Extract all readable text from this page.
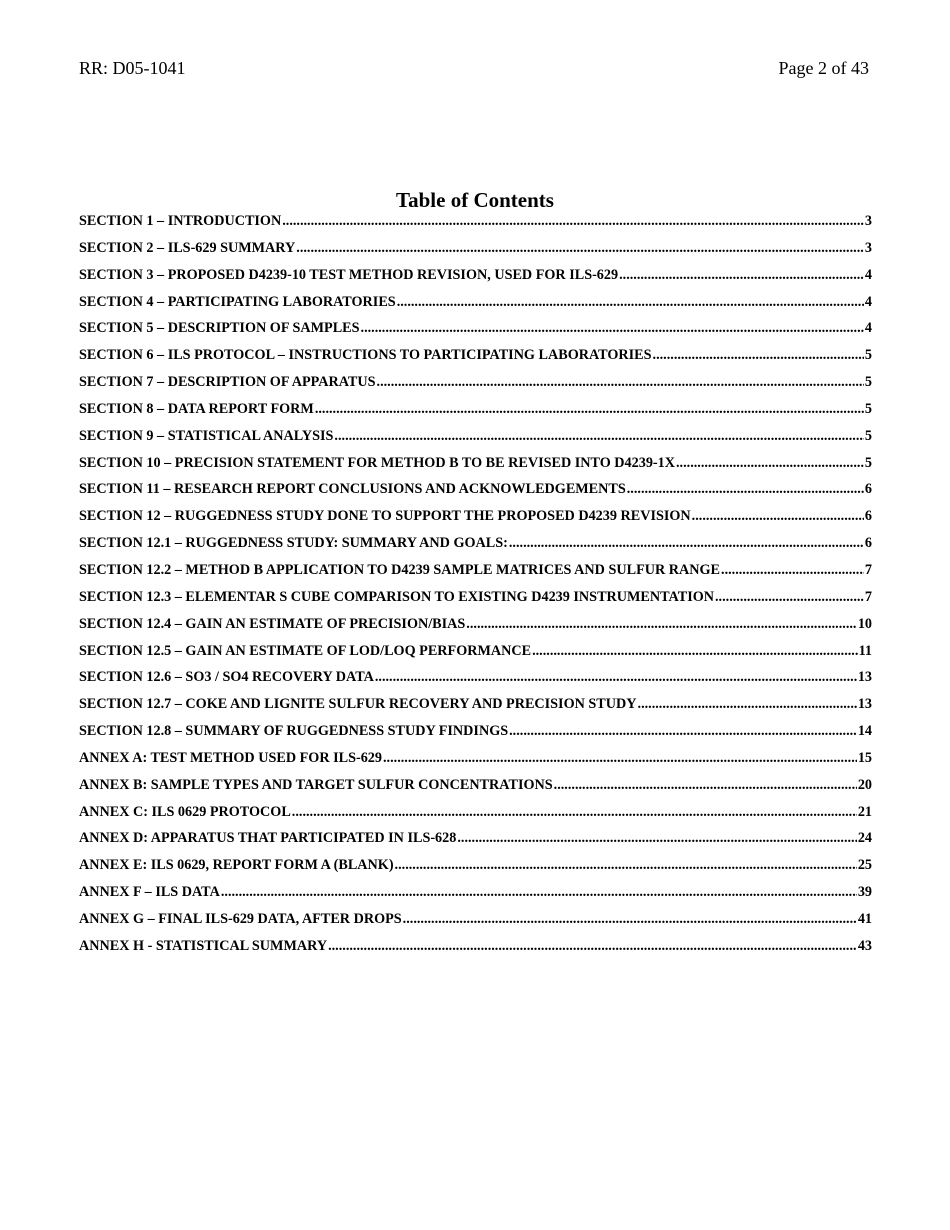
RR: D05-1041	Page 2 of 43
Table of Contents
SECTION 1 – INTRODUCTION .....	3
SECTION 2 – ILS-629 SUMMARY .....	3
SECTION 3 – PROPOSED D4239-10 TEST METHOD REVISION, USED FOR ILS-629 .....	4
SECTION 4 – PARTICIPATING LABORATORIES .....	4
SECTION 5 – DESCRIPTION OF SAMPLES .....	4
SECTION 6 – ILS PROTOCOL – INSTRUCTIONS TO PARTICIPATING LABORATORIES .....	5
SECTION 7 – DESCRIPTION OF APPARATUS .....	5
SECTION 8 – DATA REPORT FORM .....	5
SECTION 9 – STATISTICAL ANALYSIS .....	5
SECTION 10 – PRECISION STATEMENT FOR METHOD B TO BE REVISED INTO D4239-1X .....	5
SECTION 11 – RESEARCH REPORT CONCLUSIONS AND ACKNOWLEDGEMENTS .....	6
SECTION 12 – RUGGEDNESS STUDY DONE TO SUPPORT THE PROPOSED D4239 REVISION .....	6
SECTION 12.1 – RUGGEDNESS STUDY: SUMMARY AND GOALS: .....	6
SECTION 12.2 – METHOD B APPLICATION TO D4239 SAMPLE MATRICES AND SULFUR RANGE .....	7
SECTION 12.3 – ELEMENTAR S CUBE COMPARISON TO EXISTING D4239 INSTRUMENTATION .....	7
SECTION 12.4 – GAIN AN ESTIMATE OF PRECISION/BIAS .....	10
SECTION 12.5 – GAIN AN ESTIMATE OF LOD/LOQ PERFORMANCE .....	11
SECTION 12.6 – SO3 / SO4 RECOVERY DATA .....	13
SECTION 12.7 – COKE AND LIGNITE SULFUR RECOVERY AND PRECISION STUDY .....	13
SECTION 12.8 – SUMMARY OF RUGGEDNESS STUDY FINDINGS .....	14
ANNEX A: TEST METHOD USED FOR ILS-629 .....	15
ANNEX B: SAMPLE TYPES AND TARGET SULFUR CONCENTRATIONS .....	20
ANNEX C: ILS 0629 PROTOCOL .....	21
ANNEX D: APPARATUS THAT PARTICIPATED IN ILS-628 .....	24
ANNEX E: ILS 0629, REPORT FORM A (BLANK) .....	25
ANNEX F – ILS DATA .....	39
ANNEX G – FINAL ILS-629 DATA, AFTER DROPS .....	41
ANNEX H - STATISTICAL SUMMARY .....	43
